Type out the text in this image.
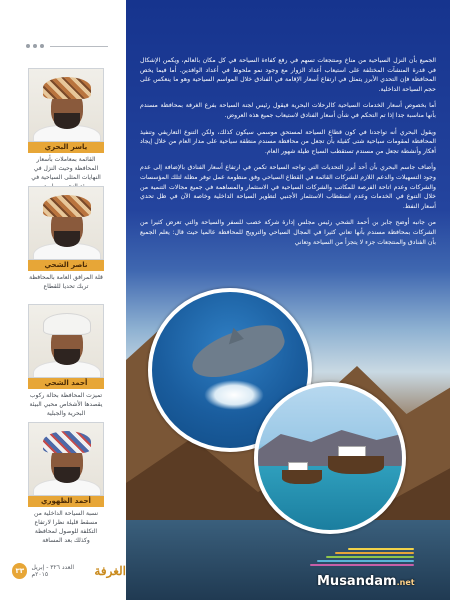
ياسر البحري
القائمة بمعاملات بأسعار المحافظة وحيث النزل في النهايات المثلى السياحية في
ناصر الشحي
قلة المرافق العامة بالمحافظة تربك تحديا للقطاع
أحمد الشحي
تميزت المحافظة بحالة ركوب يقصدها الأشخاص محبي البيئة البحرية والجبلية
أحمد الظهوري
نسبة السياحة الداخلية من مسقط قليلة نظرا لارتفاع التكلفة للوصول لمحافظة وكذلك بعد المسافة
٣٣	العدد ٣٢٦ - إبريل ٢٠١٥م	الغرفة

الجميع بأن النزل السياحية من مناخ ومنتجعات تسهم في رفع كفاءة السياحة في كل مكان بالعالم، ويكمن الإشكال في قدرة المنشآت المختلفة على استيعاب أعداد الزوار مع وجود نمو ملحوظ في أعداد الوافدين. أما فيما يخص المحافظة فإن التحدي الأبرز يتمثل في ارتفاع أسعار الإقامة في الفنادق خلال المواسم السياحية وهو ما ينعكس على حجم السياحة الداخلية.

أما بخصوص أسعار الخدمات السياحية كالرحلات البحرية فيقول رئيس لجنة السياحة بفرع الغرفة بمحافظة مسندم بأنها مناسبة جدا إذا تم التحكم في شأن أسعار الفنادق لاستيعاب جميع هذه العروض.

ويقول البحري أنه تواجدنا في كون قطاع السياحة لمستحق موسمي سيكون كذلك، ولكن التنوع التعاريفي وتنفيذ المحافظة لمقومات سياحية شتى كفيلة بأن تجعل من محافظة مسندم منطقة سياحية على مدار العام من خلال إيجاد أفكار وأنشطة تجعل من مسندم تستقطب السياح طيلة شهور العام.

وأضاف جاسم البحري بأن أحد أبرز التحديات التي تواجه السياحة تكمن في ارتفاع أسعار الفنادق بالإضافة إلى عدم وجود التسهيلات والدعم اللازم للشركات القائمة في القطاع السياحي وفق منظومة عمل توفر مظلة لتلك المؤسسات والشركات وعدم اتاحة الفرصة للمكاتب والشركات السياحية في الاستثمار والمساهمة في جميع مجالات التنمية من خلال التنوع في الخدمات وعدم استقطاب الاستثمار الأجنبي لتطوير السياحة الداخلية وخاصة الآن في ظل تحدي أسعار النفط.

من جانبه أوضح جابر بن أحمد الشحي رئيس مجلس إدارة شركة خصب للسفر والسياحة والتي تعرض كثيرا من الشركات بمحافظة مسندم بأنها تعاني كثيرا في المجال السياحي والترويج للمحافظة عالميا حيث قال: يعلم الجميع بأن الفنادق والمنتجعات جزء لا يتجزأ من السياحة وتعاني

Musandam.net
